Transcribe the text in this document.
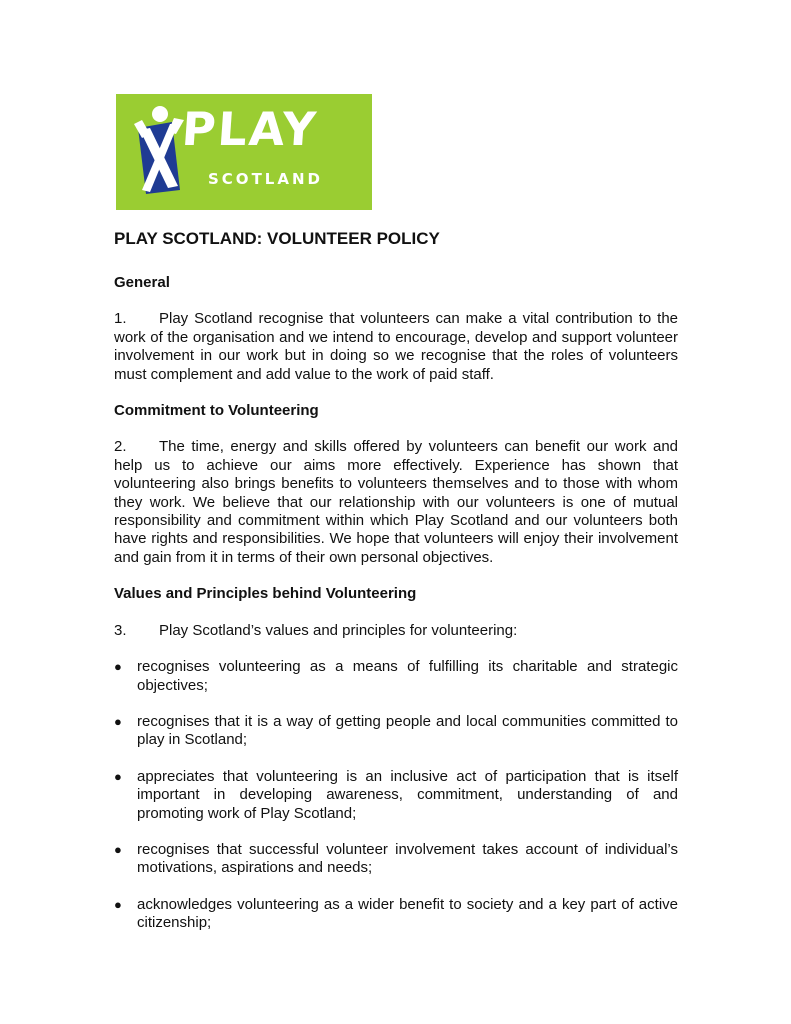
PLAY
SCOTLAND
PLAY SCOTLAND: VOLUNTEER POLICY
General

1. Play Scotland recognise that volunteers can make a vital contribution to the work of the organisation and we intend to encourage, develop and support volunteer involvement in our work but in doing so we recognise that the roles of volunteers must complement and add value to the work of paid staff.

Commitment to Volunteering

2. The time, energy and skills offered by volunteers can benefit our work and help us to achieve our aims more effectively. Experience has shown that volunteering also brings benefits to volunteers themselves and to those with whom they work. We believe that our relationship with our volunteers is one of mutual responsibility and commitment within which Play Scotland and our volunteers both have rights and responsibilities. We hope that volunteers will enjoy their involvement and gain from it in terms of their own personal objectives.

Values and Principles behind Volunteering

3. Play Scotland’s values and principles for volunteering:

● recognises volunteering as a means of fulfilling its charitable and strategic objectives;
● recognises that it is a way of getting people and local communities committed to play in Scotland;
● appreciates that volunteering is an inclusive act of participation that is itself important in developing awareness, commitment, understanding of and promoting work of Play Scotland;
● recognises that successful volunteer involvement takes account of individual’s motivations, aspirations and needs;
● acknowledges volunteering as a wider benefit to society and a key part of active citizenship;
